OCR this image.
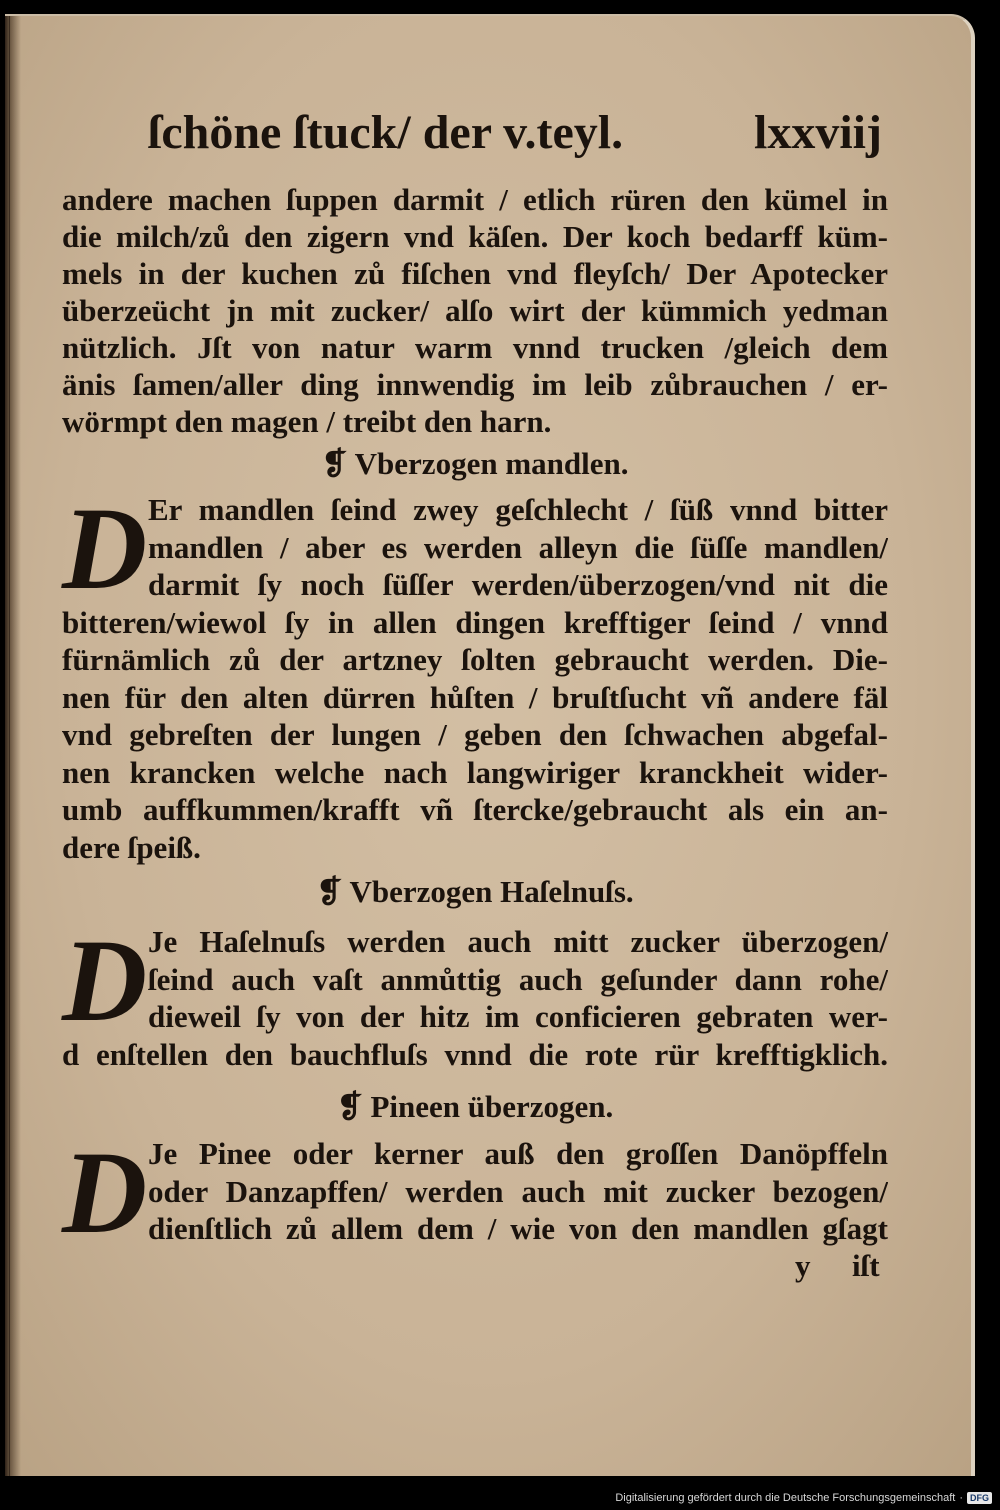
ſchöne ſtuck/ der v.teyl.	lxxviij
andere machen ſuppen darmit / etlich rüren den kümel in
die milch/zů den zigern vnd käſen. Der koch bedarff küm-
mels in der kuchen zů fiſchen vnd fleyſch/ Der Apotecker
überzeücht jn mit zucker/ alſo wirt der kümmich yedman
nützlich. Jſt von natur warm vnnd trucken /gleich dem
änis ſamen/aller ding innwendig im leib zůbrauchen / er-
wörmpt den magen / treibt den harn.
❡ Vberzogen mandlen.
D Er mandlen ſeind zwey geſchlecht / ſüß vnnd bitter
mandlen / aber es werden alleyn die ſüſſe mandlen/
darmit ſy noch ſüſſer werden/überzogen/vnd nit die
bitteren/wiewol ſy in allen dingen krefftiger ſeind / vnnd
fürnämlich zů der artzney ſolten gebraucht werden. Die-
nen für den alten dürren hůſten / bruſtſucht vñ andere fäl
vnd gebreſten der lungen / geben den ſchwachen abgefal-
nen krancken welche nach langwiriger kranckheit wider-
umb auffkummen/krafft vñ ſtercke/gebraucht als ein an-
dere ſpeiß.
❡ Vberzogen Haſelnuſs.
D Je Haſelnuſs werden auch mitt zucker überzogen/
ſeind auch vaſt anmůttig auch geſunder dann rohe/
dieweil ſy von der hitz im conficieren gebraten wer-
d enſtellen den bauchfluſs vnnd die rote rür krefftigklich.
❡ Pineen überzogen.
D Je Pinee oder kerner auß den groſſen Danöpffeln
oder Danzapffen/ werden auch mit zucker bezogen/
dienſtlich zů allem dem / wie von den mandlen gſagt
y iſt
Digitalisierung gefördert durch die Deutsche Forschungsgemeinschaft · DFG
